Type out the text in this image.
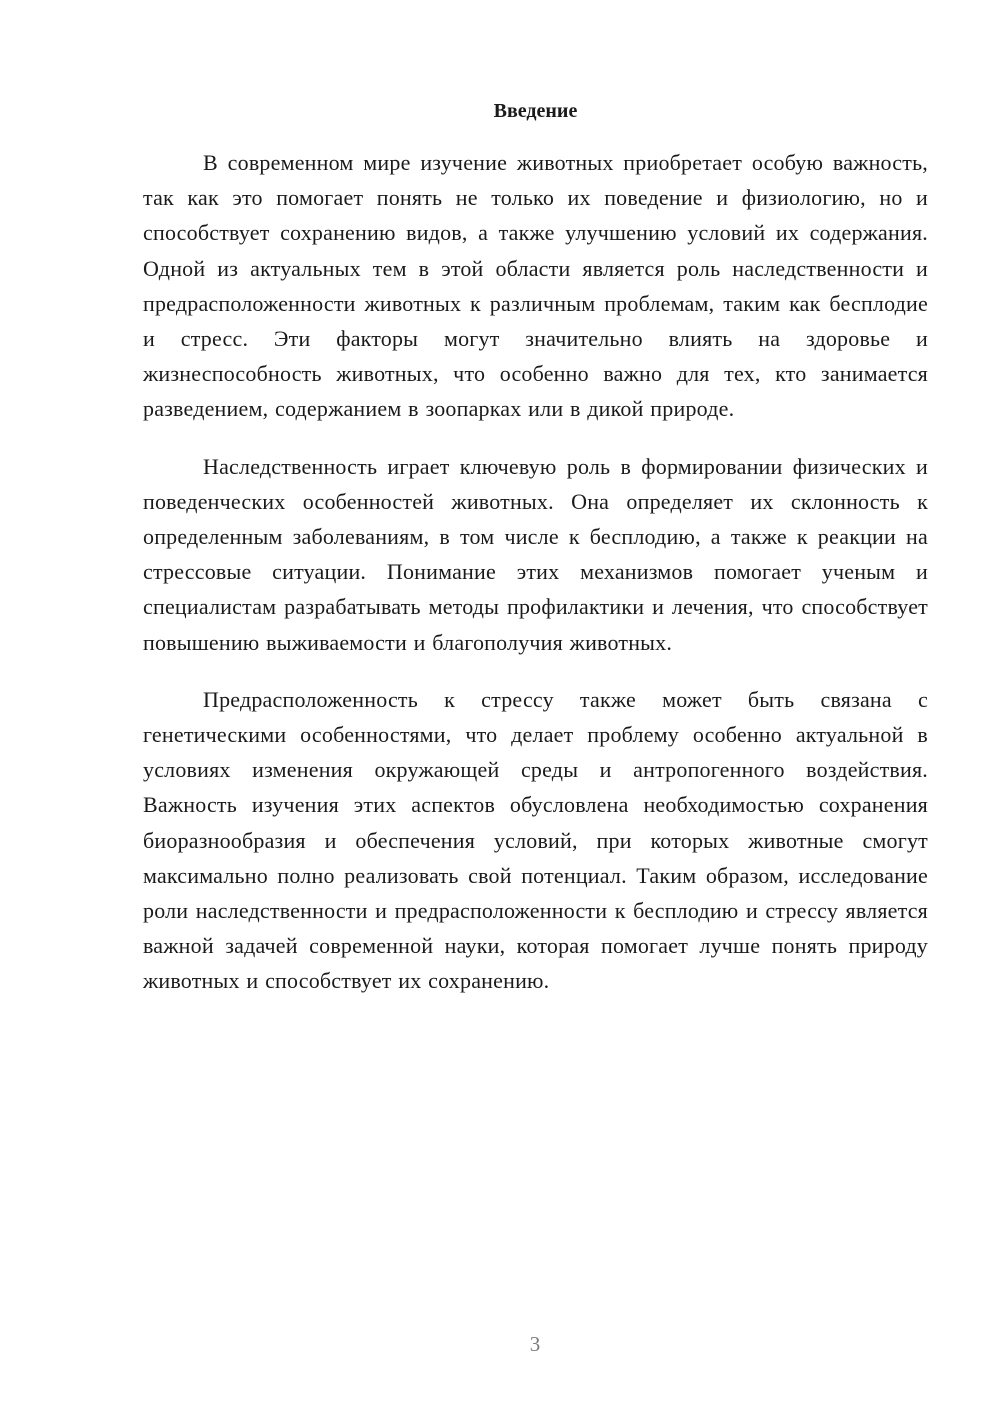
Введение

В современном мире изучение животных приобретает особую важность, так как это помогает понять не только их поведение и физиологию, но и способствует сохранению видов, а также улучшению условий их содержания. Одной из актуальных тем в этой области является роль наследственности и предрасположенности животных к различным проблемам, таким как бесплодие и стресс. Эти факторы могут значительно влиять на здоровье и жизнеспособность животных, что особенно важно для тех, кто занимается разведением, содержанием в зоопарках или в дикой природе.

Наследственность играет ключевую роль в формировании физических и поведенческих особенностей животных. Она определяет их склонность к определенным заболеваниям, в том числе к бесплодию, а также к реакции на стрессовые ситуации. Понимание этих механизмов помогает ученым и специалистам разрабатывать методы профилактики и лечения, что способствует повышению выживаемости и благополучия животных.

Предрасположенность к стрессу также может быть связана с генетическими особенностями, что делает проблему особенно актуальной в условиях изменения окружающей среды и антропогенного воздействия. Важность изучения этих аспектов обусловлена необходимостью сохранения биоразнообразия и обеспечения условий, при которых животные смогут максимально полно реализовать свой потенциал. Таким образом, исследование роли наследственности и предрасположенности к бесплодию и стрессу является важной задачей современной науки, которая помогает лучше понять природу животных и способствует их сохранению.

3
